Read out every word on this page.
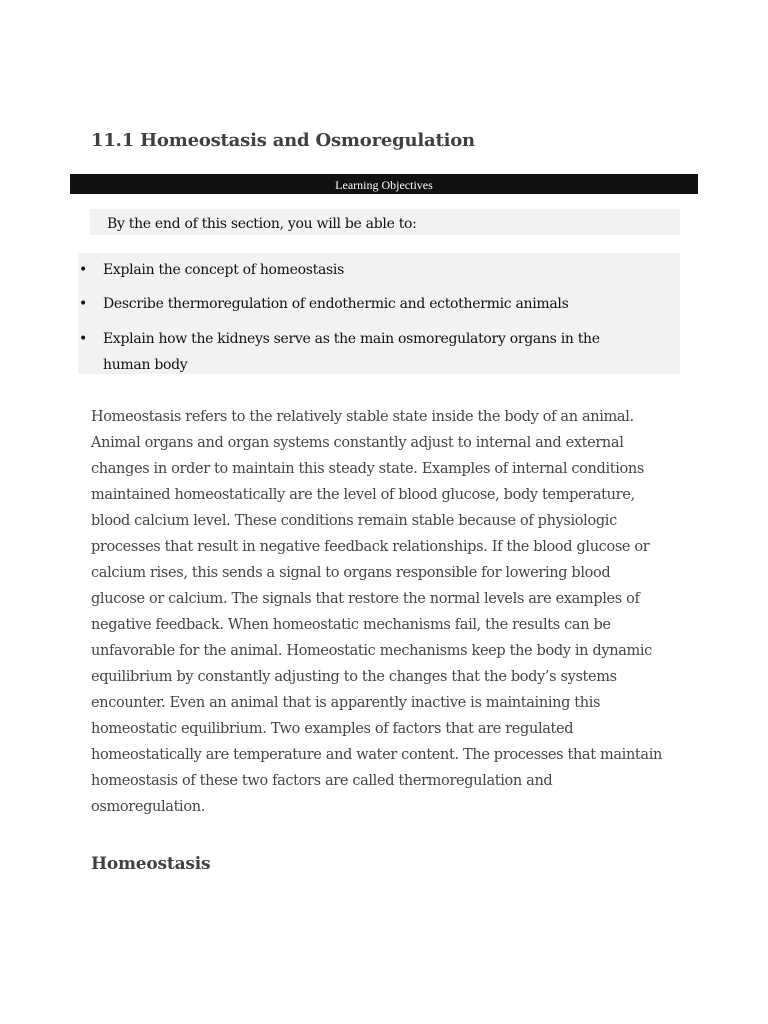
11.1 Homeostasis and Osmoregulation
Learning Objectives
By the end of this section, you will be able to:
• Explain the concept of homeostasis
• Describe thermoregulation of endothermic and ectothermic animals
• Explain how the kidneys serve as the main osmoregulatory organs in the
human body

Homeostasis refers to the relatively stable state inside the body of an animal.
Animal organs and organ systems constantly adjust to internal and external
changes in order to maintain this steady state. Examples of internal conditions
maintained homeostatically are the level of blood glucose, body temperature,
blood calcium level. These conditions remain stable because of physiologic
processes that result in negative feedback relationships. If the blood glucose or
calcium rises, this sends a signal to organs responsible for lowering blood
glucose or calcium. The signals that restore the normal levels are examples of
negative feedback. When homeostatic mechanisms fail, the results can be
unfavorable for the animal. Homeostatic mechanisms keep the body in dynamic
equilibrium by constantly adjusting to the changes that the body’s systems
encounter. Even an animal that is apparently inactive is maintaining this
homeostatic equilibrium. Two examples of factors that are regulated
homeostatically are temperature and water content. The processes that maintain
homeostasis of these two factors are called thermoregulation and
osmoregulation.

Homeostasis
